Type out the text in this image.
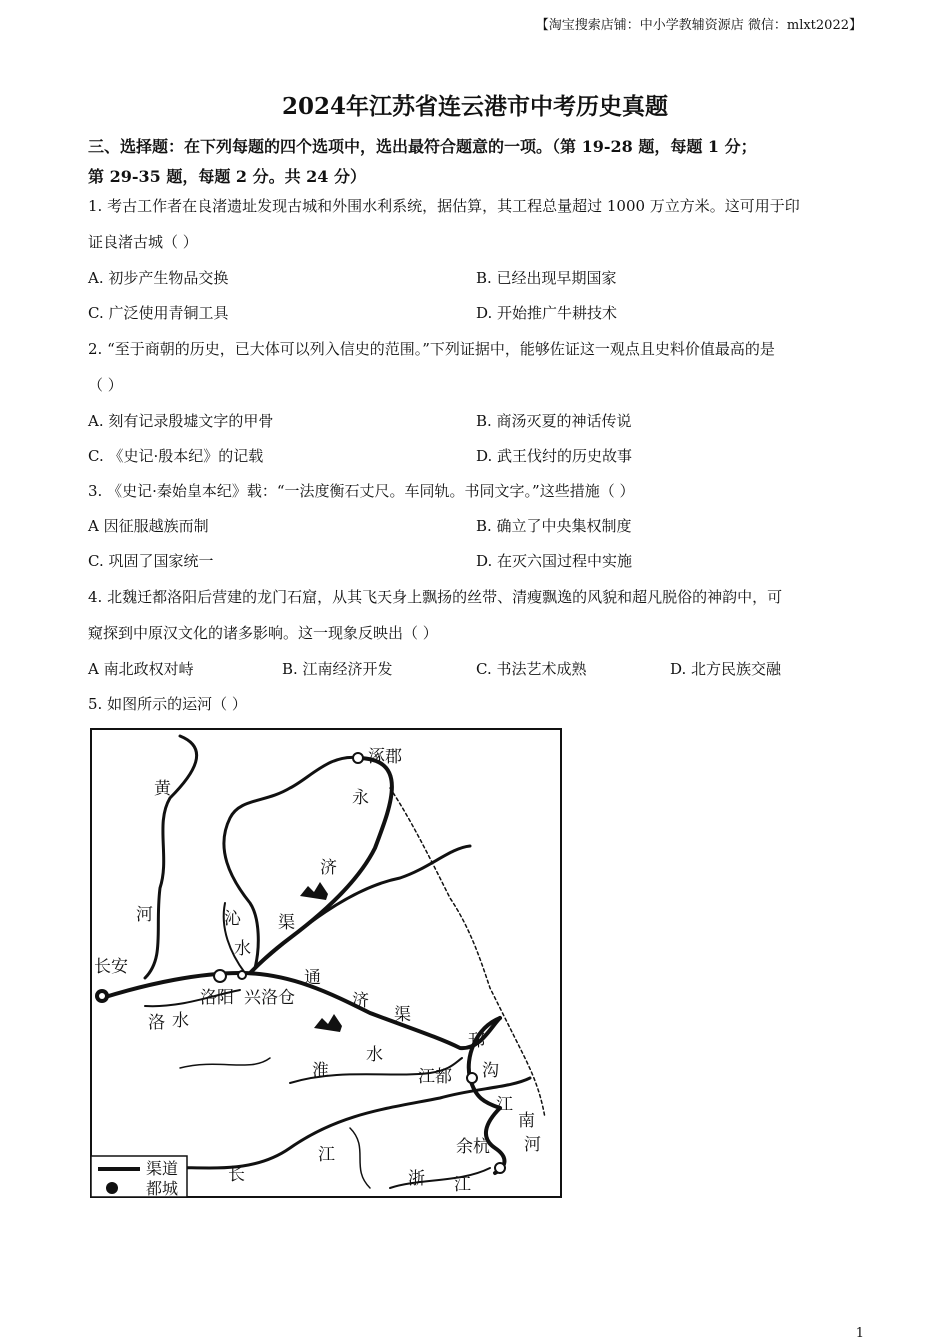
【淘宝搜索店铺：中小学教辅资源店 微信：mlxt2022】
2024年江苏省连云港市中考历史真题
三、选择题：在下列每题的四个选项中，选出最符合题意的一项。（第 19-28 题，每题 1 分；
第 29-35 题，每题 2 分。共 24 分）
1. 考古工作者在良渚遗址发现古城和外围水利系统，据估算，其工程总量超过 1000 万立方米。这可用于印
证良渚古城（ ）
A. 初步产生物品交换	B. 已经出现早期国家
C. 广泛使用青铜工具	D. 开始推广牛耕技术
2. “至于商朝的历史，已大体可以列入信史的范围。”下列证据中，能够佐证这一观点且史料价值最高的是
（ ）
A. 刻有记录殷墟文字的甲骨	B. 商汤灭夏的神话传说
C. 《史记·殷本纪》的记载	D. 武王伐纣的历史故事
3. 《史记·秦始皇本纪》载：“一法度衡石丈尺。车同轨。书同文字。”这些措施（ ）
A 因征服越族而制	B. 确立了中央集权制度
C. 巩固了国家统一	D. 在灭六国过程中实施
4. 北魏迁都洛阳后营建的龙门石窟，从其飞天身上飘扬的丝带、清瘦飘逸的风貌和超凡脱俗的神韵中，可
窥探到中原汉文化的诸多影响。这一现象反映出（ ）
A 南北政权对峙	B. 江南经济开发	C. 书法艺术成熟	D. 北方民族交融
5. 如图所示的运河（ ）
涿郡
永
济
渠
黄
河	沁
水
长安
洛阳 兴洛仓
通
济
渠
洛 水
淮
水
邗
沟
江都
江
南
河
余杭
江
长	浙 江
渠道
都城
1
